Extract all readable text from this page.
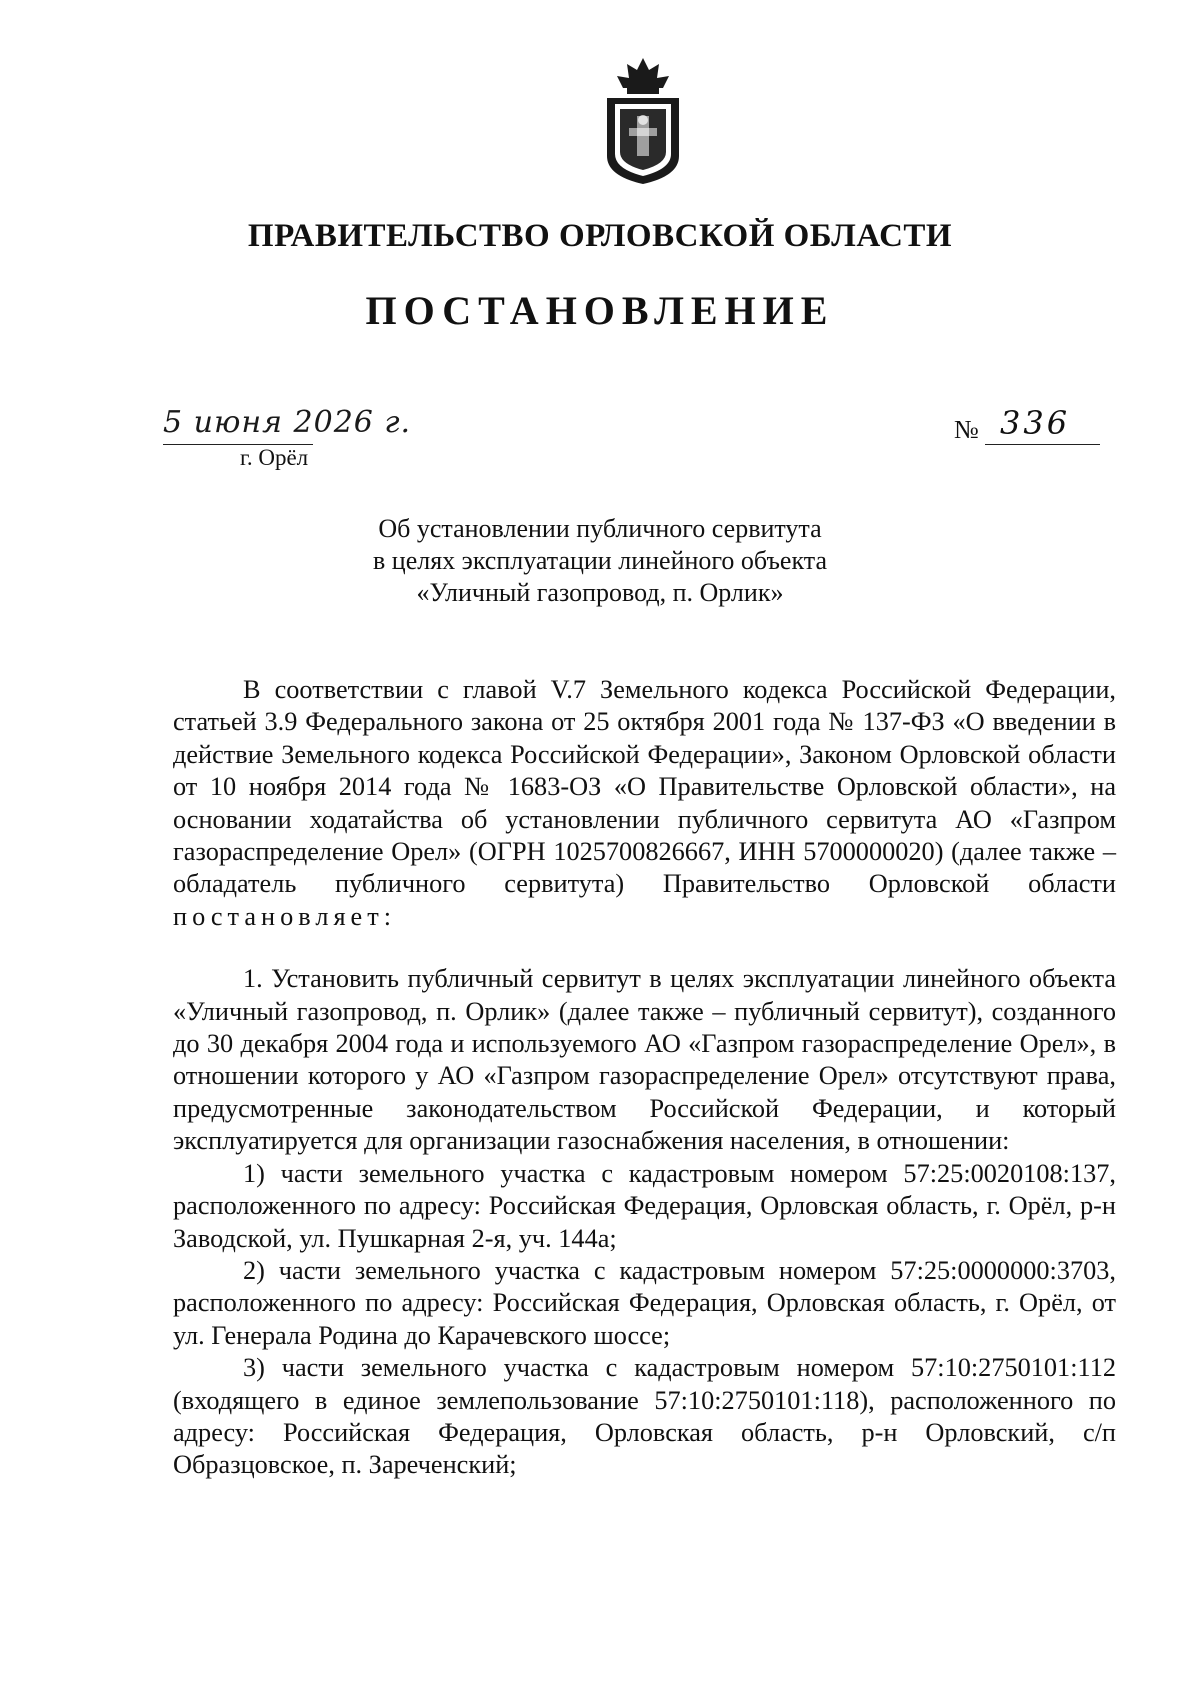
ПРАВИТЕЛЬСТВО ОРЛОВСКОЙ ОБЛАСТИ
ПОСТАНОВЛЕНИЕ
5 июня 2026 г.
г. Орёл
№ 336
Об установлении публичного сервитута
в целях эксплуатации линейного объекта
«Уличный газопровод, п. Орлик»

В соответствии с главой V.7 Земельного кодекса Российской Федерации, статьей 3.9 Федерального закона от 25 октября 2001 года № 137-ФЗ «О введении в действие Земельного кодекса Российской Федерации», Законом Орловской области от 10 ноября 2014 года № 1683-ОЗ «О Правительстве Орловской области», на основании ходатайства об установлении публичного сервитута АО «Газпром газораспределение Орел» (ОГРН 1025700826667, ИНН 5700000020) (далее также – обладатель публичного сервитута) Правительство Орловской области постановляет:

1. Установить публичный сервитут в целях эксплуатации линейного объекта «Уличный газопровод, п. Орлик» (далее также – публичный сервитут), созданного до 30 декабря 2004 года и используемого АО «Газпром газораспределение Орел», в отношении которого у АО «Газпром газораспределение Орел» отсутствуют права, предусмотренные законодательством Российской Федерации, и который эксплуатируется для организации газоснабжения населения, в отношении:

1) части земельного участка с кадастровым номером 57:25:0020108:137, расположенного по адресу: Российская Федерация, Орловская область, г. Орёл, р-н Заводской, ул. Пушкарная 2-я, уч. 144а;

2) части земельного участка с кадастровым номером 57:25:0000000:3703, расположенного по адресу: Российская Федерация, Орловская область, г. Орёл, от ул. Генерала Родина до Карачевского шоссе;

3) части земельного участка с кадастровым номером 57:10:2750101:112 (входящего в единое землепользование 57:10:2750101:118), расположенного по адресу: Российская Федерация, Орловская область, р-н Орловский, с/п Образцовское, п. Зареченский;
